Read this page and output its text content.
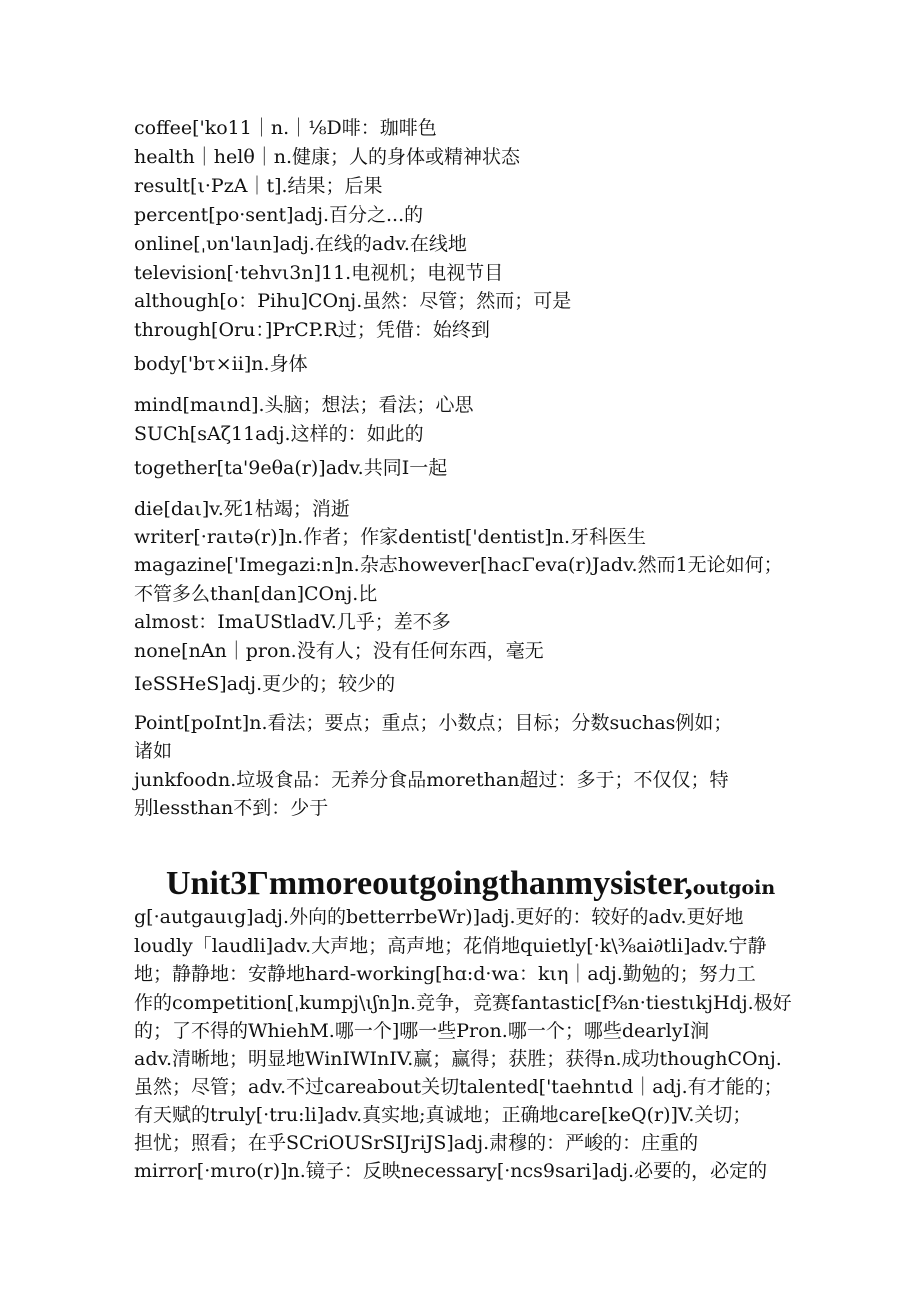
coffee['ko11｜n.｜⅛D啡：珈啡色
health｜helθ｜n.健康；人的身体或精神状态
result[ι·PzA｜t].结果；后果
percent[po·sent]adj.百分之...的
online[ˌυn'laιn]adj.在线的adv.在线地
television[·tehvι3n]11.电视机；电视节目
although[o：Pihu]COnj.虽然：尽管；然而；可是
through[Oru：]PrCP.R过；凭借：始终到
body['bτ×ii]n.身体
mind[maιnd].头脑；想法；看法；心思
SUCh[sAζ11adj.这样的：如此的
together[ta'9eθa(r)]adv.共同I一起
die[daι]v.死1枯竭；消逝
writer[·raιtə(r)]n.作者；作家dentist['dentist]n.牙科医生
magazine['Imegazi:n]n.杂志however[hacΓeva(r)Jadv.然而1无论如何；
不管多么than[dan]COnj.比
almost：ImaUStladV.几乎；差不多
none[nAn｜pron.没有人；没有任何东西，毫无
IeSSHeS]adj.更少的；较少的
Point[poInt]n.看法；要点；重点；小数点；目标；分数suchas例如；
诸如
junkfoodn.垃圾食品：无养分食品morethan超过：多于；不仅仅；特
别lessthan不到：少于
Unit3Γmmoreoutgoingthanmysister,outgoin
g[·autgauιg]adj.外向的betterrbeWr)]adj.更好的：较好的adv.更好地
loudly「laudli]adv.大声地；高声地；花俏地quietly[·k\⅜ai∂tli]adv.宁静
地；静静地：安静地hard-working[hɑ:d·wa：kιη｜adj.勤勉的；努力工
作的competition[ˌkumpj\ιʃn]n.竞争，竞赛fantastic[f⅜n·tiestιkjHdj.极好
的；了不得的WhiehM.哪一个]哪一些Pron.哪一个；哪些dearlyI涧
adv.清晰地；明显地WinIWInIV.赢；赢得；获胜；获得n.成功thoughCOnj.
虽然；尽管；adv.不过careabout关切talented['taehntιd｜adj.有才能的；
有天赋的truly[·tru:li]adv.真实地;真诚地；正确地care[keQ(r)]V.关切；
担忧；照看；在乎SCriOUSrSIJriJS]adj.肃穆的：严峻的：庄重的
mirror[·mιro(r)]n.镜子：反映necessary[·ncs9sari]adj.必要的，必定的
